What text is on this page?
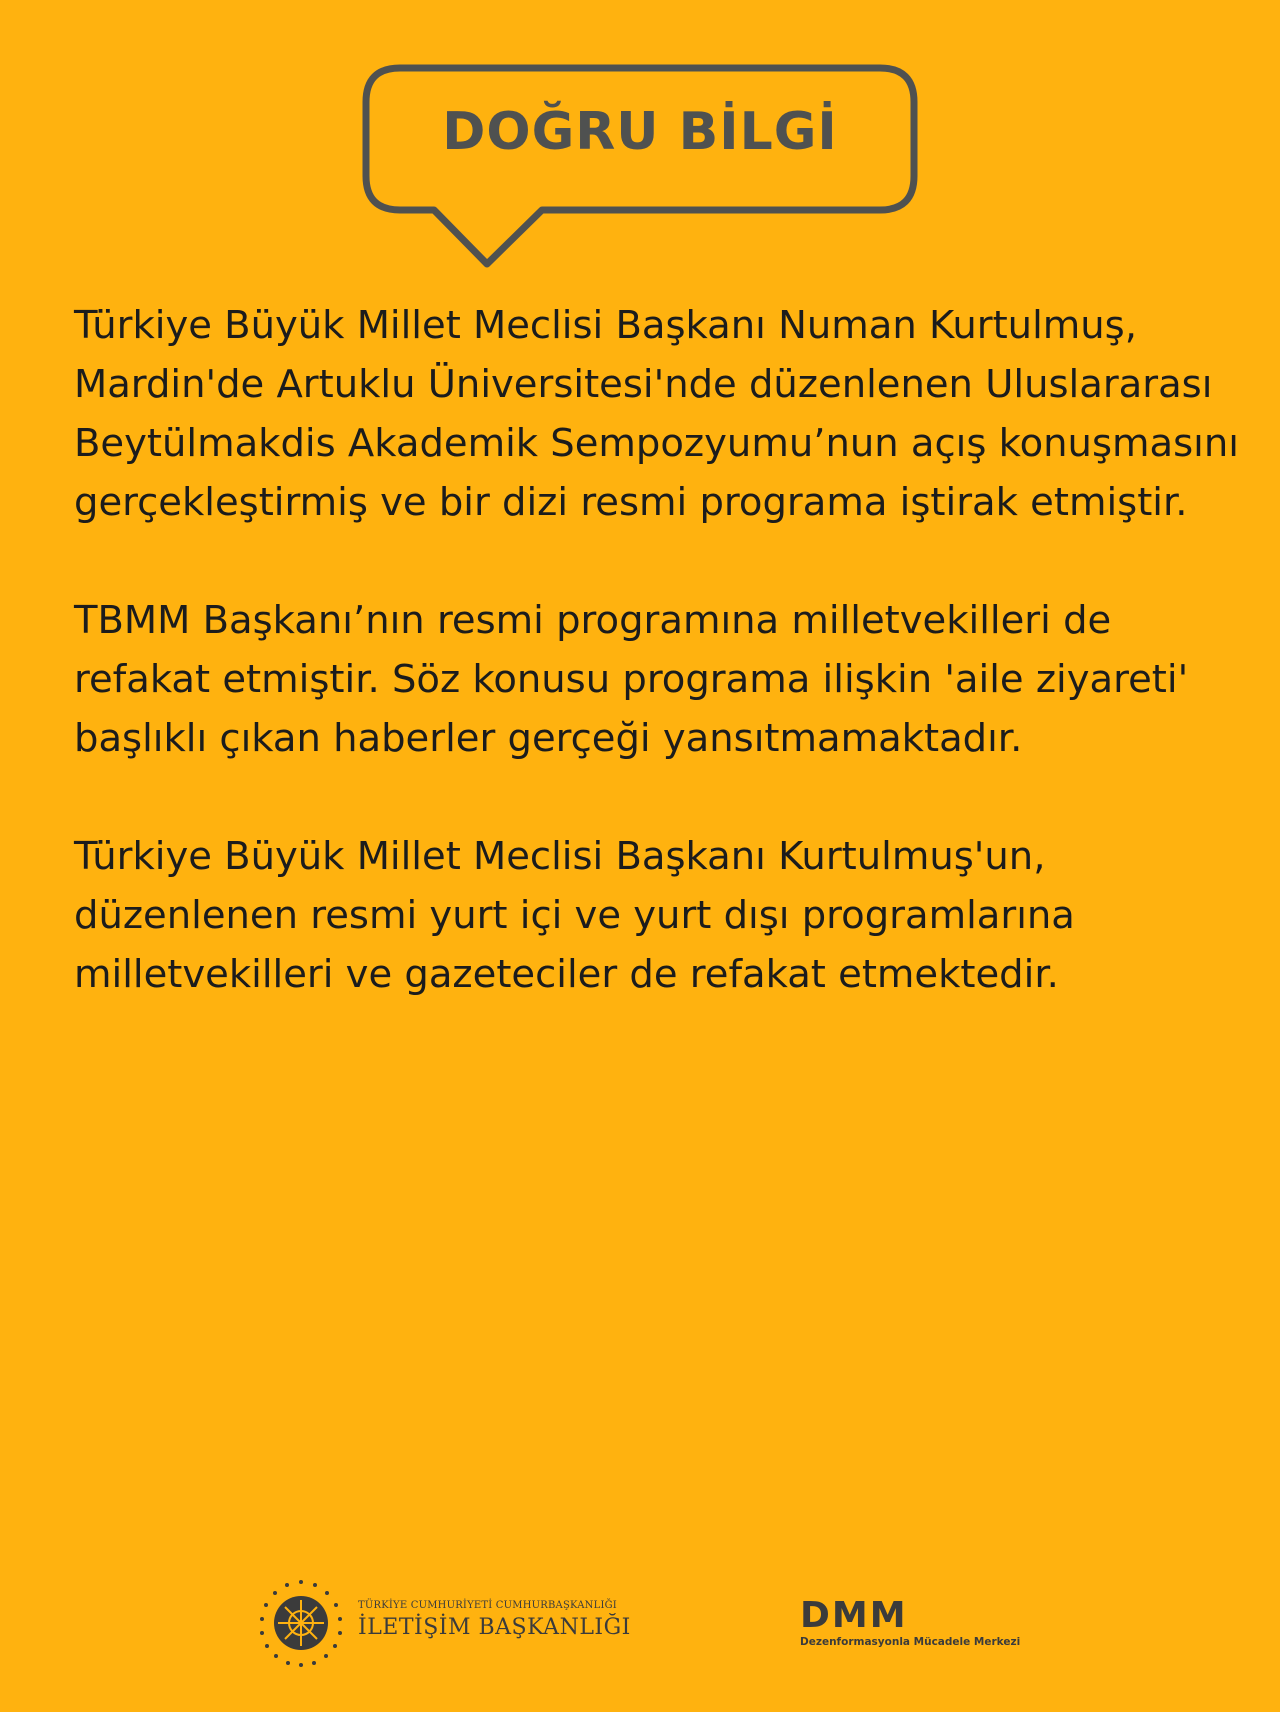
DOĞRU BİLGİ

Türkiye Büyük Millet Meclisi Başkanı Numan Kurtulmuş, Mardin'de Artuklu Üniversitesi'nde düzenlenen Uluslararası Beytülmakdis Akademik Sempozyumu’nun açış konuşmasını gerçekleştirmiş ve bir dizi resmi programa iştirak etmiştir.

TBMM Başkanı’nın resmi programına milletvekilleri de refakat etmiştir. Söz konusu programa ilişkin 'aile ziyareti' başlıklı çıkan haberler gerçeği yansıtmamaktadır.

Türkiye Büyük Millet Meclisi Başkanı Kurtulmuş'un, düzenlenen resmi yurt içi ve yurt dışı programlarına milletvekilleri ve gazeteciler de refakat etmektedir.

TÜRKİYE CUMHURİYETİ CUMHURBAŞKANLIĞI
İLETİŞİM BAŞKANLIĞI	DMM
Dezenformasyonla Mücadele Merkezi
